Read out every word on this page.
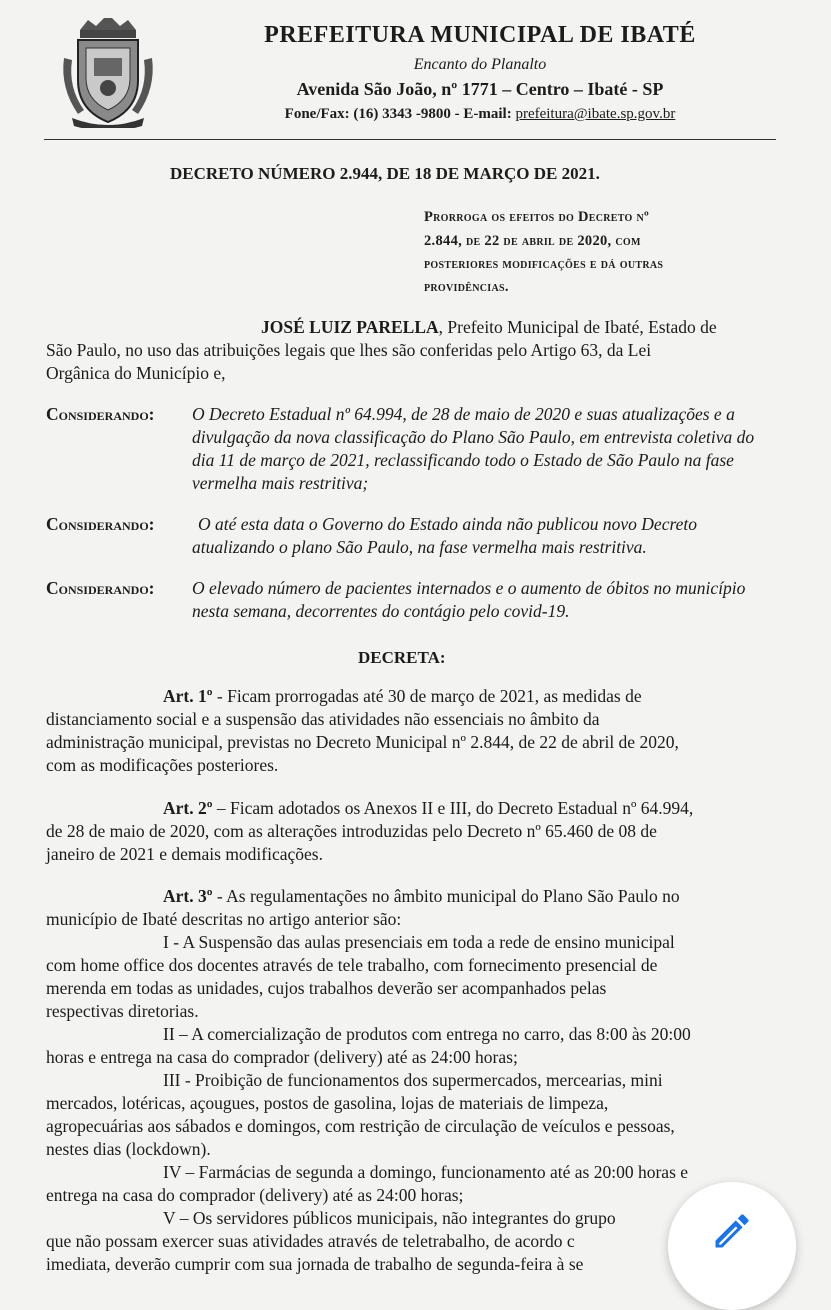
PREFEITURA MUNICIPAL DE IBATÉ
Encanto do Planalto
Avenida São João, nº 1771 – Centro – Ibaté - SP
Fone/Fax: (16) 3343 -9800 - E-mail: prefeitura@ibate.sp.gov.br
DECRETO NÚMERO 2.944, DE 18 DE MARÇO DE 2021.
Prorroga os efeitos do Decreto nº
2.844, de 22 de abril de 2020, com
posteriores modificações e dá outras
providências.
JOSÉ LUIZ PARELLA, Prefeito Municipal de Ibaté, Estado de
São Paulo, no uso das atribuições legais que lhes são conferidas pelo Artigo 63, da Lei
Orgânica do Município e,
Considerando: O Decreto Estadual nº 64.994, de 28 de maio de 2020 e suas atualizações e a
divulgação da nova classificação do Plano São Paulo, em entrevista coletiva do
dia 11 de março de 2021, reclassificando todo o Estado de São Paulo na fase
vermelha mais restritiva;
Considerando: O até esta data o Governo do Estado ainda não publicou novo Decreto
atualizando o plano São Paulo, na fase vermelha mais restritiva.
Considerando: O elevado número de pacientes internados e o aumento de óbitos no município
nesta semana, decorrentes do contágio pelo covid-19.
DECRETA:
Art. 1º - Ficam prorrogadas até 30 de março de 2021, as medidas de
distanciamento social e a suspensão das atividades não essenciais no âmbito da
administração municipal, previstas no Decreto Municipal nº 2.844, de 22 de abril de 2020,
com as modificações posteriores.
Art. 2º – Ficam adotados os Anexos II e III, do Decreto Estadual nº 64.994,
de 28 de maio de 2020, com as alterações introduzidas pelo Decreto nº 65.460 de 08 de
janeiro de 2021 e demais modificações.
Art. 3º - As regulamentações no âmbito municipal do Plano São Paulo no
município de Ibaté descritas no artigo anterior são:
I - A Suspensão das aulas presenciais em toda a rede de ensino municipal
com home office dos docentes através de tele trabalho, com fornecimento presencial de
merenda em todas as unidades, cujos trabalhos deverão ser acompanhados pelas
respectivas diretorias.
II – A comercialização de produtos com entrega no carro, das 8:00 às 20:00
horas e entrega na casa do comprador (delivery) até as 24:00 horas;
III - Proibição de funcionamentos dos supermercados, mercearias, mini
mercados, lotéricas, açougues, postos de gasolina, lojas de materiais de limpeza,
agropecuárias aos sábados e domingos, com restrição de circulação de veículos e pessoas,
nestes dias (lockdown).
IV – Farmácias de segunda a domingo, funcionamento até as 20:00 horas e
entrega na casa do comprador (delivery) até as 24:00 horas;
V – Os servidores públicos municipais, não integrantes do grupo
que não possam exercer suas atividades através de teletrabalho, de acordo c
imediata, deverão cumprir com sua jornada de trabalho de segunda-feira à se
